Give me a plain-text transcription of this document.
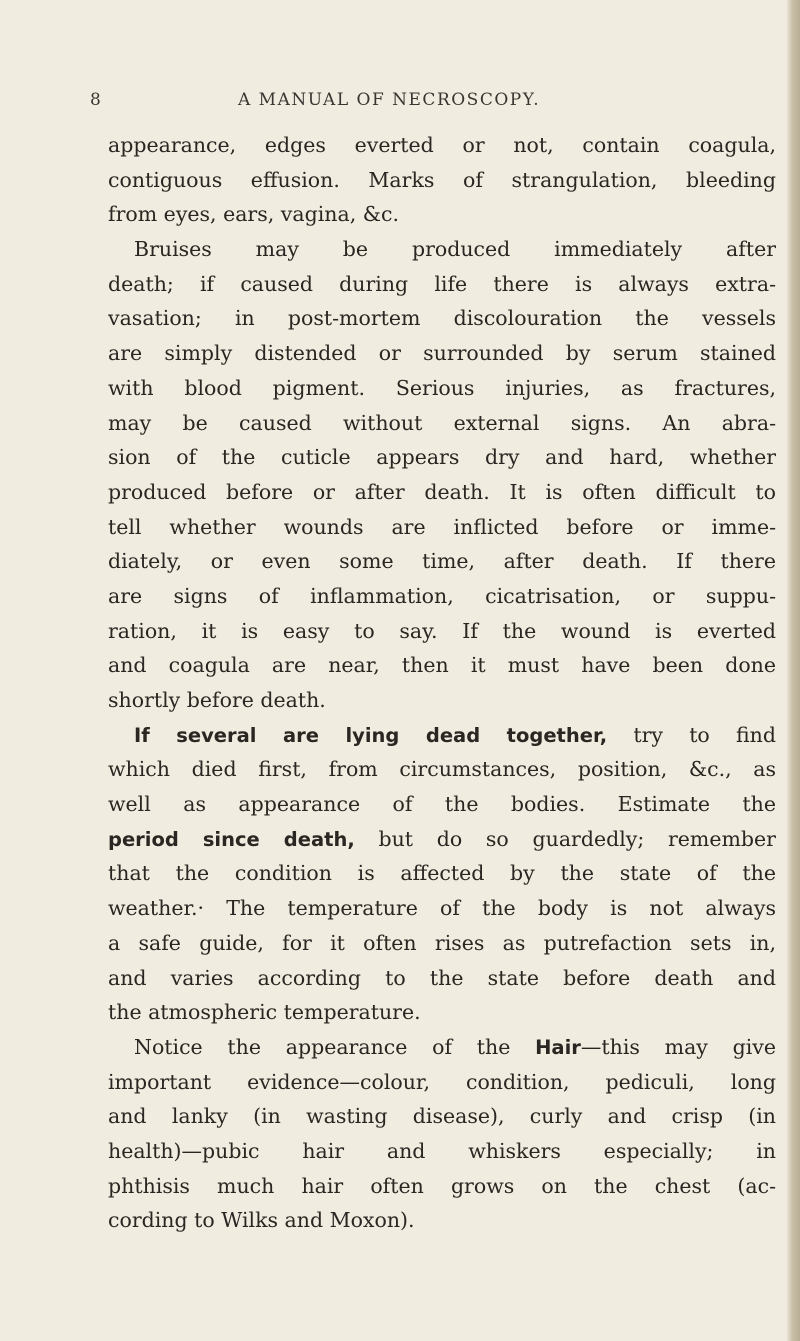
8	A MANUAL OF NECROSCOPY.
appearance, edges everted or not, contain coagula,
contiguous effusion. Marks of strangulation, bleeding
from eyes, ears, vagina, &c.
Bruises may be produced immediately after
death; if caused during life there is always extra-
vasation; in post-mortem discolouration the vessels
are simply distended or surrounded by serum stained
with blood pigment. Serious injuries, as fractures,
may be caused without external signs. An abra-
sion of the cuticle appears dry and hard, whether
produced before or after death. It is often difficult to
tell whether wounds are inflicted before or imme-
diately, or even some time, after death. If there
are signs of inflammation, cicatrisation, or suppu-
ration, it is easy to say. If the wound is everted
and coagula are near, then it must have been done
shortly before death.
If several are lying dead together, try to find
which died first, from circumstances, position, &c., as
well as appearance of the bodies. Estimate the
period since death, but do so guardedly; remember
that the condition is affected by the state of the
weather.· The temperature of the body is not always
a safe guide, for it often rises as putrefaction sets in,
and varies according to the state before death and
the atmospheric temperature.
Notice the appearance of the Hair—this may give
important evidence—colour, condition, pediculi, long
and lanky (in wasting disease), curly and crisp (in
health)—pubic hair and whiskers especially; in
phthisis much hair often grows on the chest (ac-
cording to Wilks and Moxon).
